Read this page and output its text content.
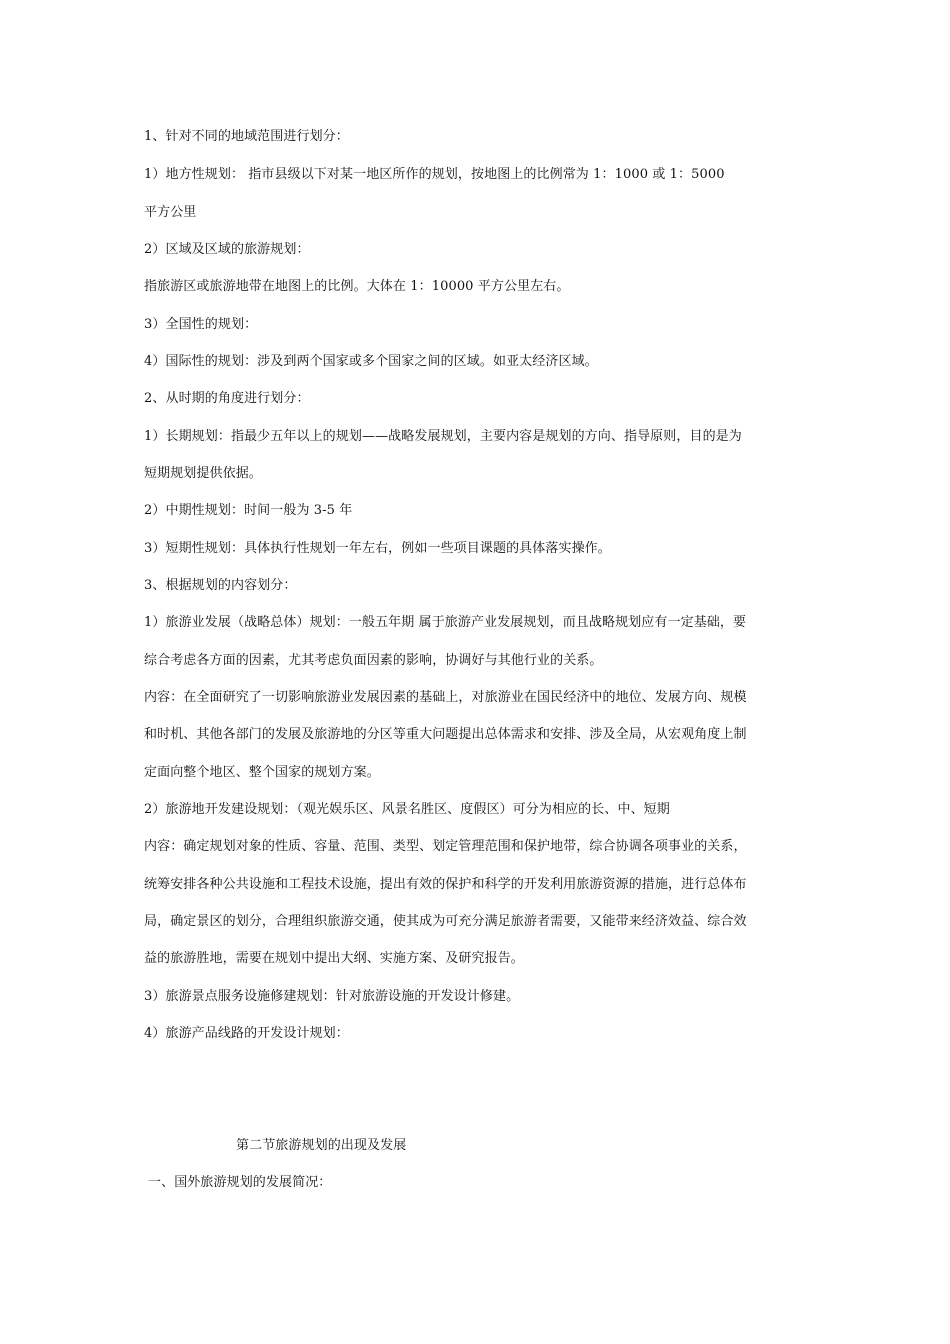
1、针对不同的地域范围进行划分：

1）地方性规划： 指市县级以下对某一地区所作的规划，按地图上的比例常为 1：1000 或 1：5000

平方公里

2）区域及区域的旅游规划：

指旅游区或旅游地带在地图上的比例。大体在 1：10000 平方公里左右。

3）全国性的规划：

4）国际性的规划：涉及到两个国家或多个国家之间的区域。如亚太经济区域。

2、从时期的角度进行划分：

1）长期规划：指最少五年以上的规划——战略发展规划，主要内容是规划的方向、指导原则，目的是为

短期规划提供依据。

2）中期性规划：时间一般为 3-5 年

3）短期性规划：具体执行性规划一年左右，例如一些项目课题的具体落实操作。

3、根据规划的内容划分：

1）旅游业发展（战略总体）规划：一般五年期 属于旅游产业发展规划，而且战略规划应有一定基础，要

综合考虑各方面的因素，尤其考虑负面因素的影响，协调好与其他行业的关系。

内容：在全面研究了一切影响旅游业发展因素的基础上，对旅游业在国民经济中的地位、发展方向、规模

和时机、其他各部门的发展及旅游地的分区等重大问题提出总体需求和安排、涉及全局，从宏观角度上制

定面向整个地区、整个国家的规划方案。

2）旅游地开发建设规划：（观光娱乐区、风景名胜区、度假区）可分为相应的长、中、短期

内容：确定规划对象的性质、容量、范围、类型、划定管理范围和保护地带，综合协调各项事业的关系，

统筹安排各种公共设施和工程技术设施，提出有效的保护和科学的开发利用旅游资源的措施，进行总体布

局，确定景区的划分，合理组织旅游交通，使其成为可充分满足旅游者需要，又能带来经济效益、综合效

益的旅游胜地，需要在规划中提出大纲、实施方案、及研究报告。

3）旅游景点服务设施修建规划：针对旅游设施的开发设计修建。

4）旅游产品线路的开发设计规划：

第二节旅游规划的出现及发展

一、国外旅游规划的发展简况：
